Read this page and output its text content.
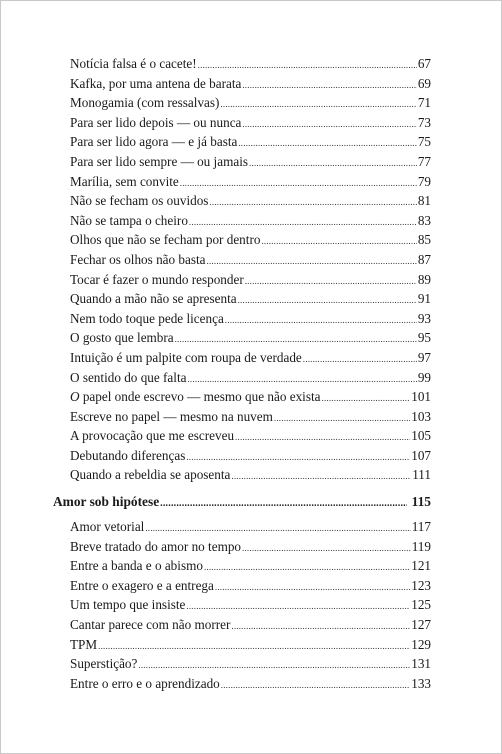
Notícia falsa é o cacete! .....	67
Kafka, por uma antena de barata .....	69
Monogamia (com ressalvas) .....	71
Para ser lido depois — ou nunca .....	73
Para ser lido agora — e já basta .....	75
Para ser lido sempre — ou jamais .....	77
Marília, sem convite .....	79
Não se fecham os ouvidos .....	81
Não se tampa o cheiro .....	83
Olhos que não se fecham por dentro .....	85
Fechar os olhos não basta .....	87
Tocar é fazer o mundo responder .....	89
Quando a mão não se apresenta .....	91
Nem todo toque pede licença .....	93
O gosto que lembra .....	95
Intuição é um palpite com roupa de verdade .....	97
O sentido do que falta .....	99
O papel onde escrevo — mesmo que não exista .....	101
Escreve no papel — mesmo na nuvem .....	103
A provocação que me escreveu .....	105
Debutando diferenças .....	107
Quando a rebeldia se aposenta .....	111
Amor sob hipótese .....	115
Amor vetorial .....	117
Breve tratado do amor no tempo .....	119
Entre a banda e o abismo .....	121
Entre o exagero e a entrega .....	123
Um tempo que insiste .....	125
Cantar parece com não morrer .....	127
TPM .....	129
Superstição? .....	131
Entre o erro e o aprendizado .....	133
